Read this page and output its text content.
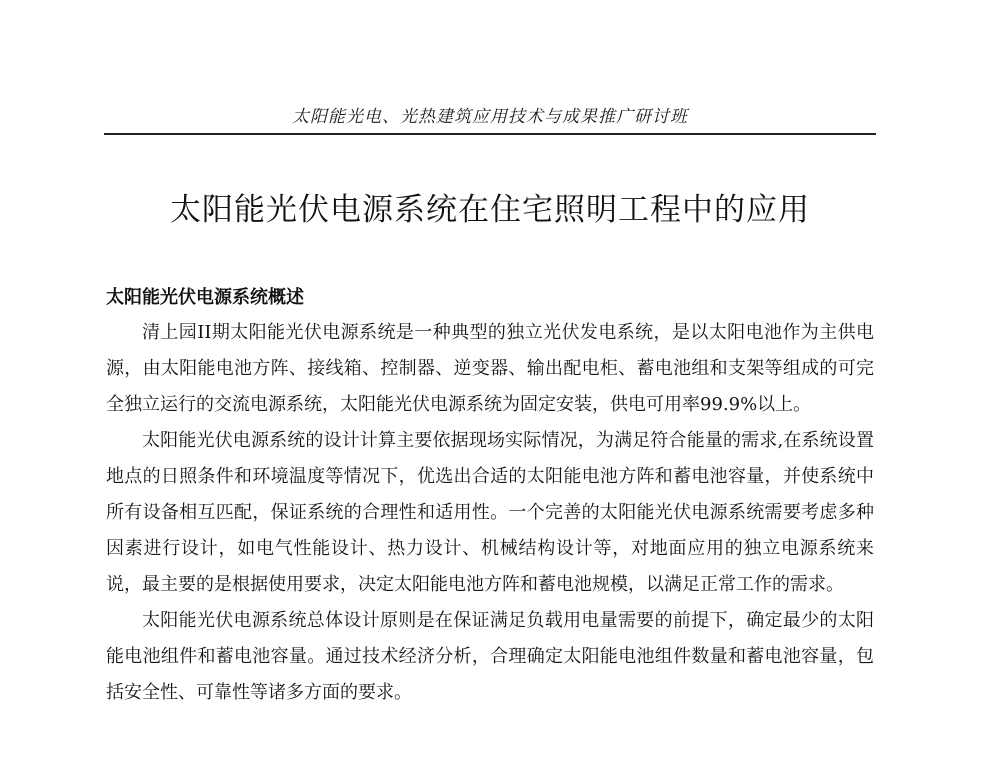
太阳能光电、光热建筑应用技术与成果推广研讨班
太阳能光伏电源系统在住宅照明工程中的应用
太阳能光伏电源系统概述

清上园II期太阳能光伏电源系统是一种典型的独立光伏发电系统，是以太阳电池作为主供电源，由太阳能电池方阵、接线箱、控制器、逆变器、输出配电柜、蓄电池组和支架等组成的可完全独立运行的交流电源系统，太阳能光伏电源系统为固定安装，供电可用率99.9%以上。

太阳能光伏电源系统的设计计算主要依据现场实际情况，为满足符合能量的需求,在系统设置地点的日照条件和环境温度等情况下，优选出合适的太阳能电池方阵和蓄电池容量，并使系统中所有设备相互匹配，保证系统的合理性和适用性。一个完善的太阳能光伏电源系统需要考虑多种因素进行设计，如电气性能设计、热力设计、机械结构设计等，对地面应用的独立电源系统来说，最主要的是根据使用要求，决定太阳能电池方阵和蓄电池规模，以满足正常工作的需求。

太阳能光伏电源系统总体设计原则是在保证满足负载用电量需要的前提下，确定最少的太阳能电池组件和蓄电池容量。通过技术经济分析，合理确定太阳能电池组件数量和蓄电池容量，包括安全性、可靠性等诸多方面的要求。
